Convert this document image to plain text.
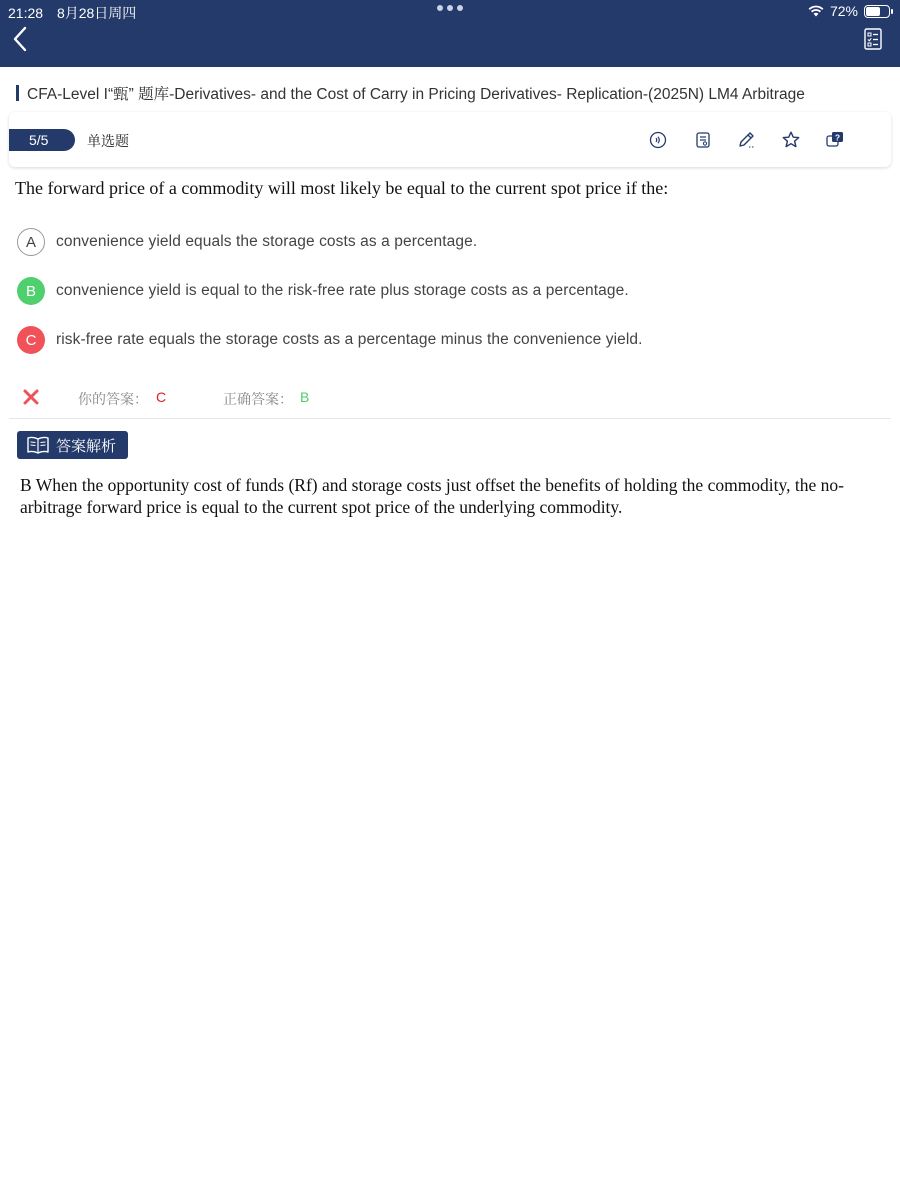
21:28 8月28日周四	72%
CFA-Level I“甄” 题库-Derivatives- and the Cost of Carry in Pricing Derivatives- Replication-(2025N) LM4 Arbitrage
5/5	单选题	?
The forward price of a commodity will most likely be equal to the current spot price if the:
A	convenience yield equals the storage costs as a percentage.
B	convenience yield is equal to the risk-free rate plus storage costs as a percentage.
C	risk-free rate equals the storage costs as a percentage minus the convenience yield.
你的答案： C	正确答案： B
答案解析
B When the opportunity cost of funds (Rf) and storage costs just offset the benefits of holding the commodity, the no-arbitrage forward price is equal to the current spot price of the underlying commodity.
